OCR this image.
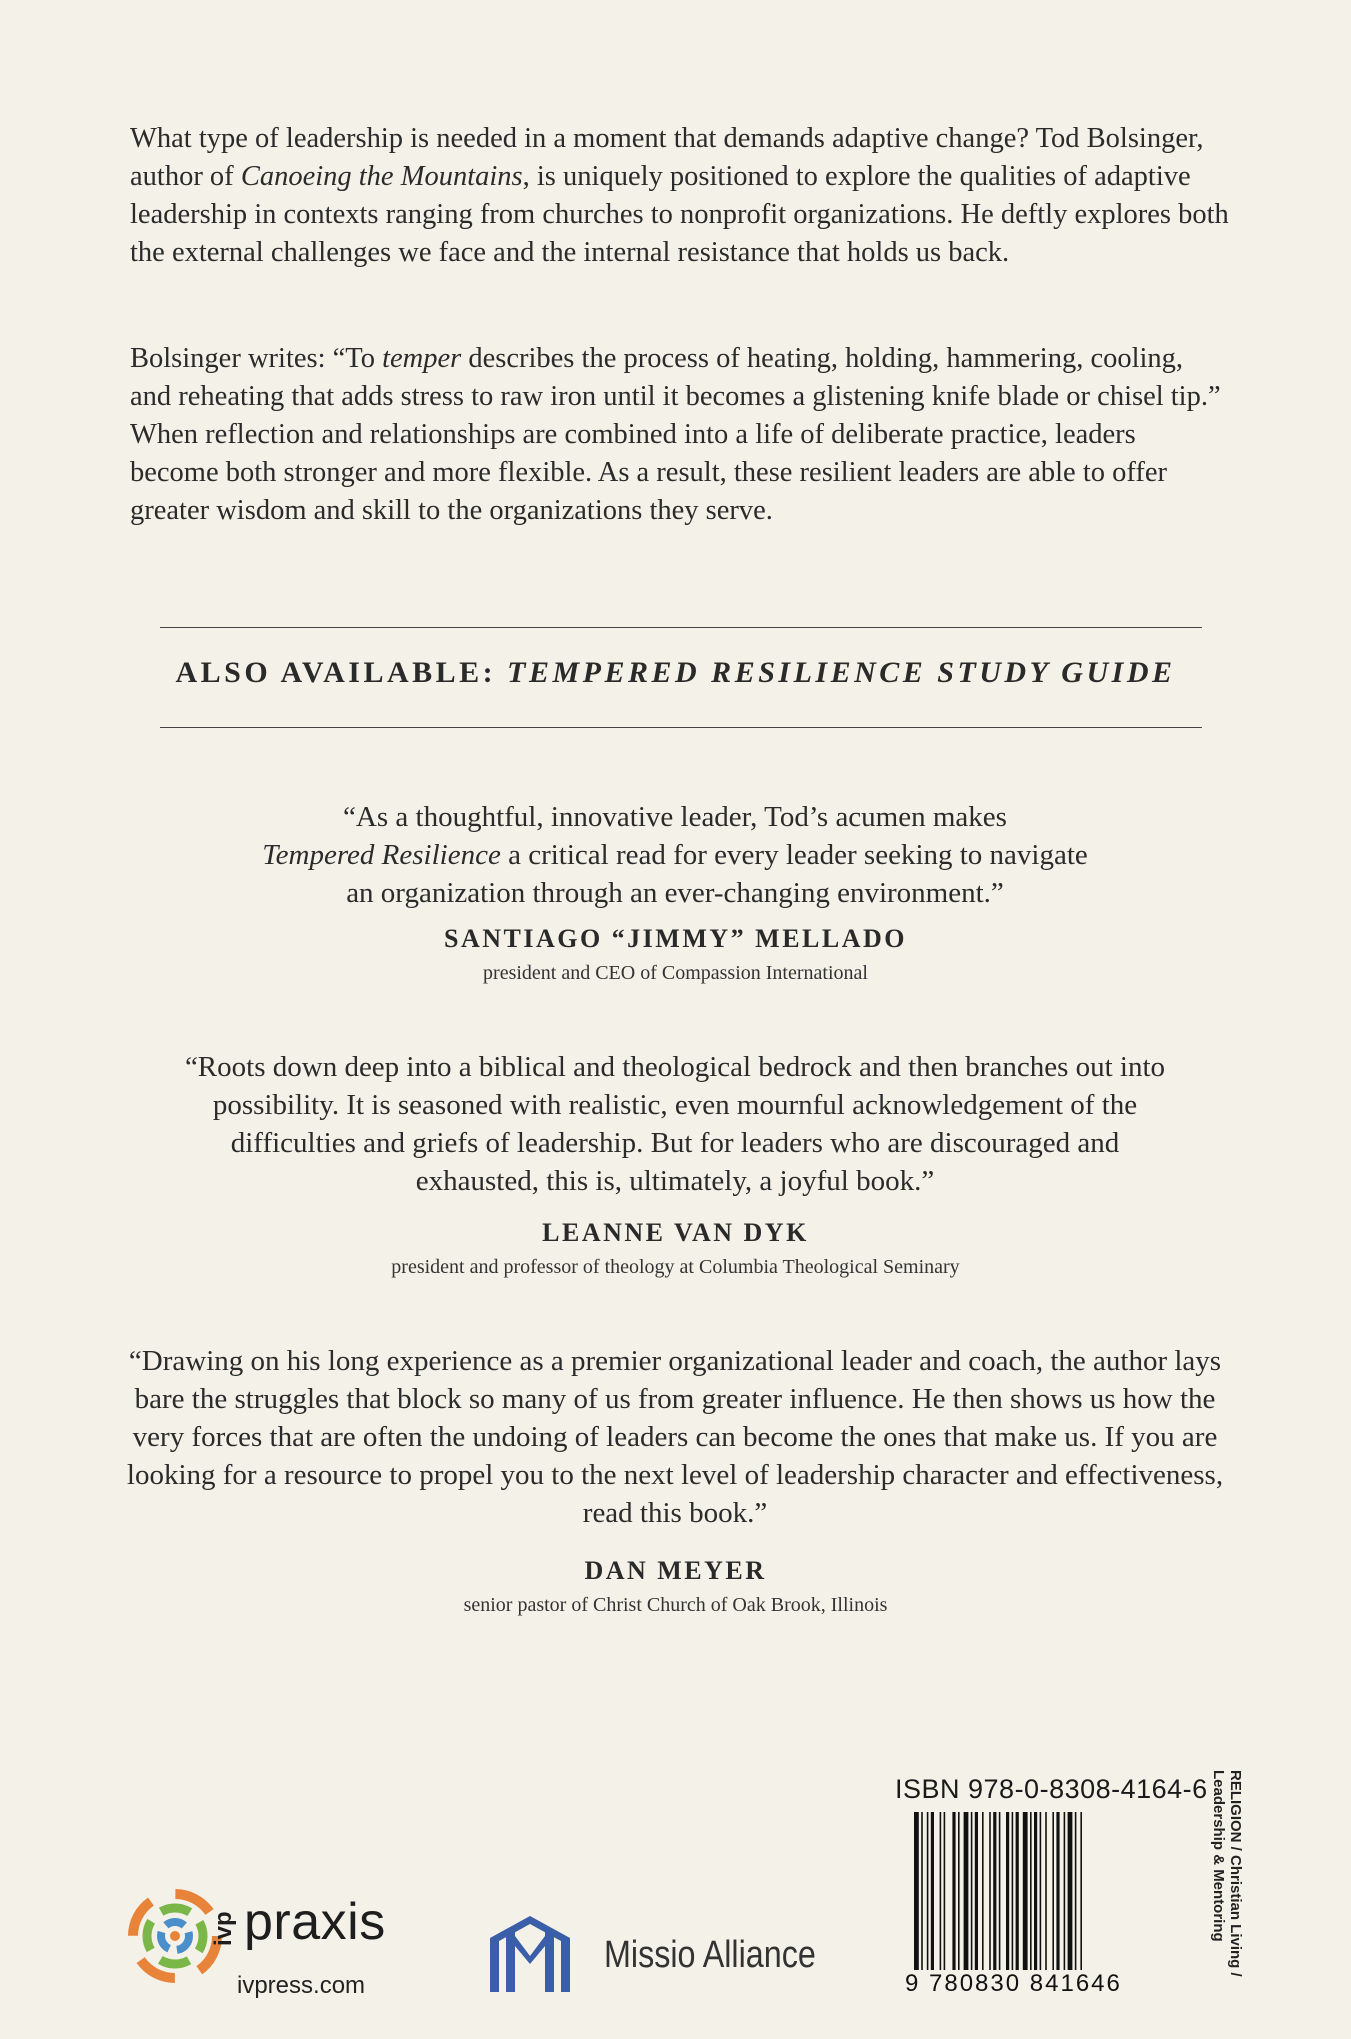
What type of leadership is needed in a moment that demands adaptive change? Tod Bolsinger, author of Canoeing the Mountains, is uniquely positioned to explore the qualities of adaptive leadership in contexts ranging from churches to nonprofit organizations. He deftly explores both the external challenges we face and the internal resistance that holds us back.

Bolsinger writes: “To temper describes the process of heating, holding, hammering, cooling, and reheating that adds stress to raw iron until it becomes a glistening knife blade or chisel tip.” When reflection and relationships are combined into a life of deliberate practice, leaders become both stronger and more flexible. As a result, these resilient leaders are able to offer greater wisdom and skill to the organizations they serve.

ALSO AVAILABLE: TEMPERED RESILIENCE STUDY GUIDE
“As a thoughtful, innovative leader, Tod’s acumen makes
Tempered Resilience a critical read for every leader seeking to navigate
an organization through an ever-changing environment.”
SANTIAGO “JIMMY” MELLADO
president and CEO of Compassion International

“Roots down deep into a biblical and theological bedrock and then branches out into possibility. It is seasoned with realistic, even mournful acknowledgement of the difficulties and griefs of leadership. But for leaders who are discouraged and exhausted, this is, ultimately, a joyful book.”

LEANNE VAN DYK
president and professor of theology at Columbia Theological Seminary

“Drawing on his long experience as a premier organizational leader and coach, the author lays bare the struggles that block so many of us from greater influence. He then shows us how the very forces that are often the undoing of leaders can become the ones that make us. If you are looking for a resource to propel you to the next level of leadership character and effectiveness, read this book.”

DAN MEYER
senior pastor of Christ Church of Oak Brook, Illinois
ISBN 978-0-8308-4164-6
9 780830 841646
RELIGION / Christian Living / Leadership & Mentoring
ivp praxis
ivpress.com
Missio Alliance
